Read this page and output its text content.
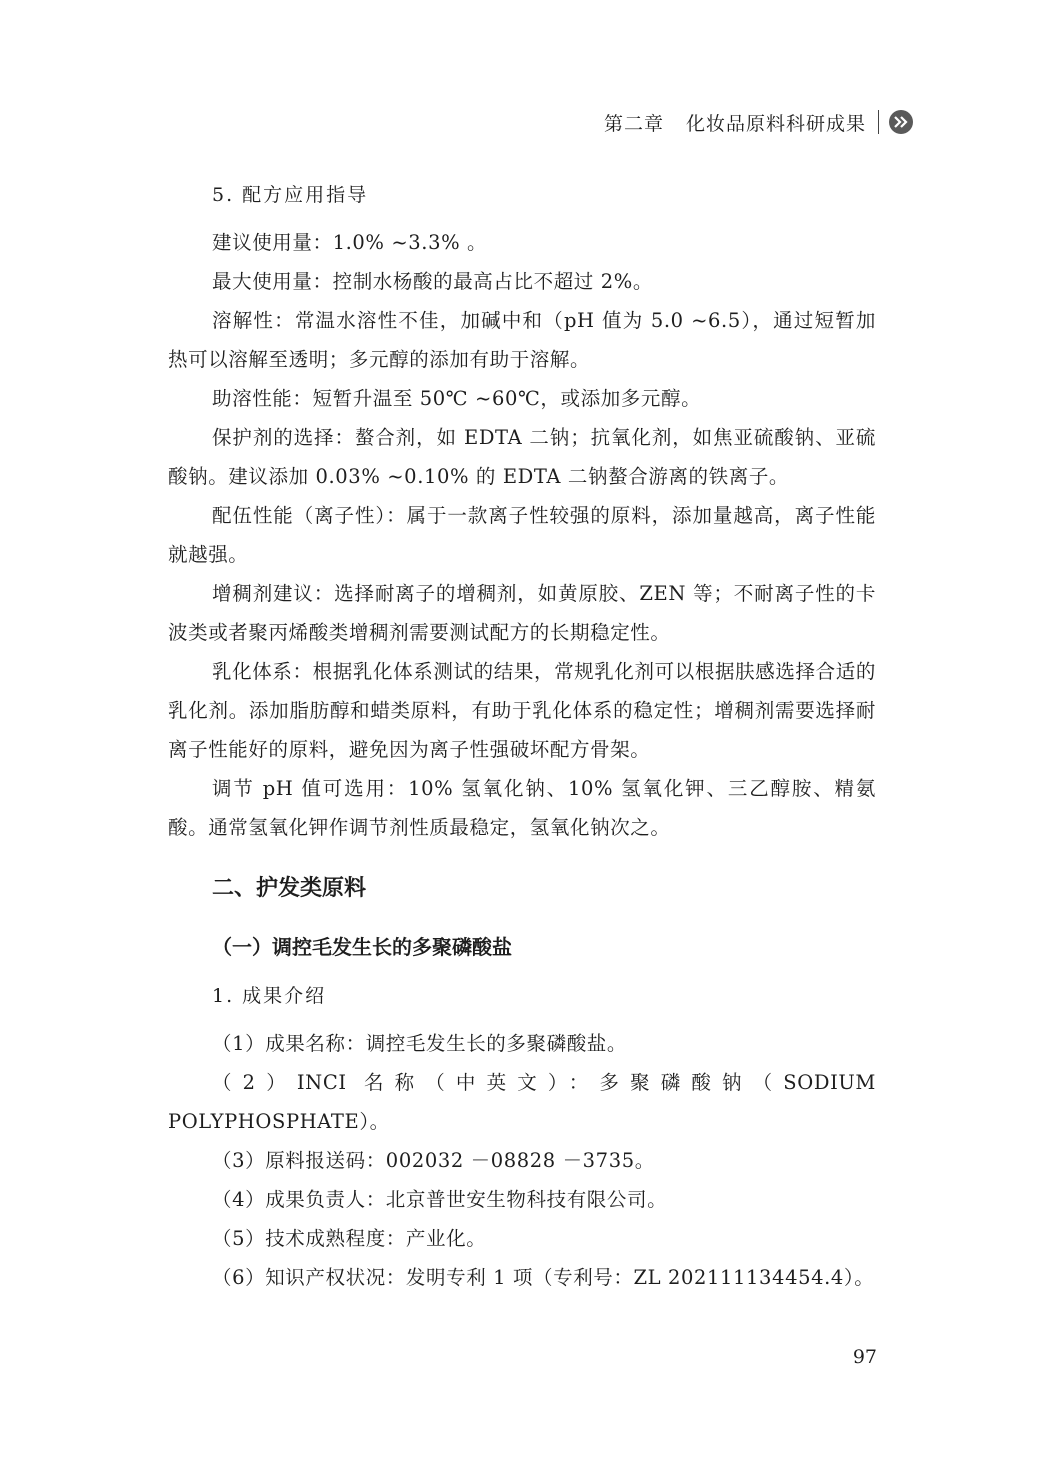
第二章 化妆品原料科研成果
5. 配方应用指导

建议使用量：1.0% ~3.3% 。

最大使用量：控制水杨酸的最高占比不超过 2%。

溶解性：常温水溶性不佳，加碱中和（pH 值为 5.0 ~6.5），通过短暂加热可以溶解至透明；多元醇的添加有助于溶解。

助溶性能：短暂升温至 50℃ ~60℃，或添加多元醇。

保护剂的选择：螯合剂，如 EDTA 二钠；抗氧化剂，如焦亚硫酸钠、亚硫酸钠。建议添加 0.03% ~0.10% 的 EDTA 二钠螯合游离的铁离子。

配伍性能（离子性）：属于一款离子性较强的原料，添加量越高，离子性能就越强。

增稠剂建议：选择耐离子的增稠剂，如黄原胶、ZEN 等；不耐离子性的卡波类或者聚丙烯酸类增稠剂需要测试配方的长期稳定性。

乳化体系：根据乳化体系测试的结果，常规乳化剂可以根据肤感选择合适的乳化剂。添加脂肪醇和蜡类原料，有助于乳化体系的稳定性；增稠剂需要选择耐离子性能好的原料，避免因为离子性强破坏配方骨架。

调节 pH 值可选用：10% 氢氧化钠、10% 氢氧化钾、三乙醇胺、精氨酸。通常氢氧化钾作调节剂性质最稳定，氢氧化钠次之。

二、护发类原料
（一）调控毛发生长的多聚磷酸盐
1. 成果介绍

（1）成果名称：调控毛发生长的多聚磷酸盐。

（2）INCI 名称（中英文）：多聚磷酸钠（SODIUM POLYPHOSPHATE）。

（3）原料报送码：002032 －08828 －3735。

（4）成果负责人：北京普世安生物科技有限公司。

（5）技术成熟程度：产业化。

（6）知识产权状况：发明专利 1 项（专利号：ZL 202111134454.4）。

97
